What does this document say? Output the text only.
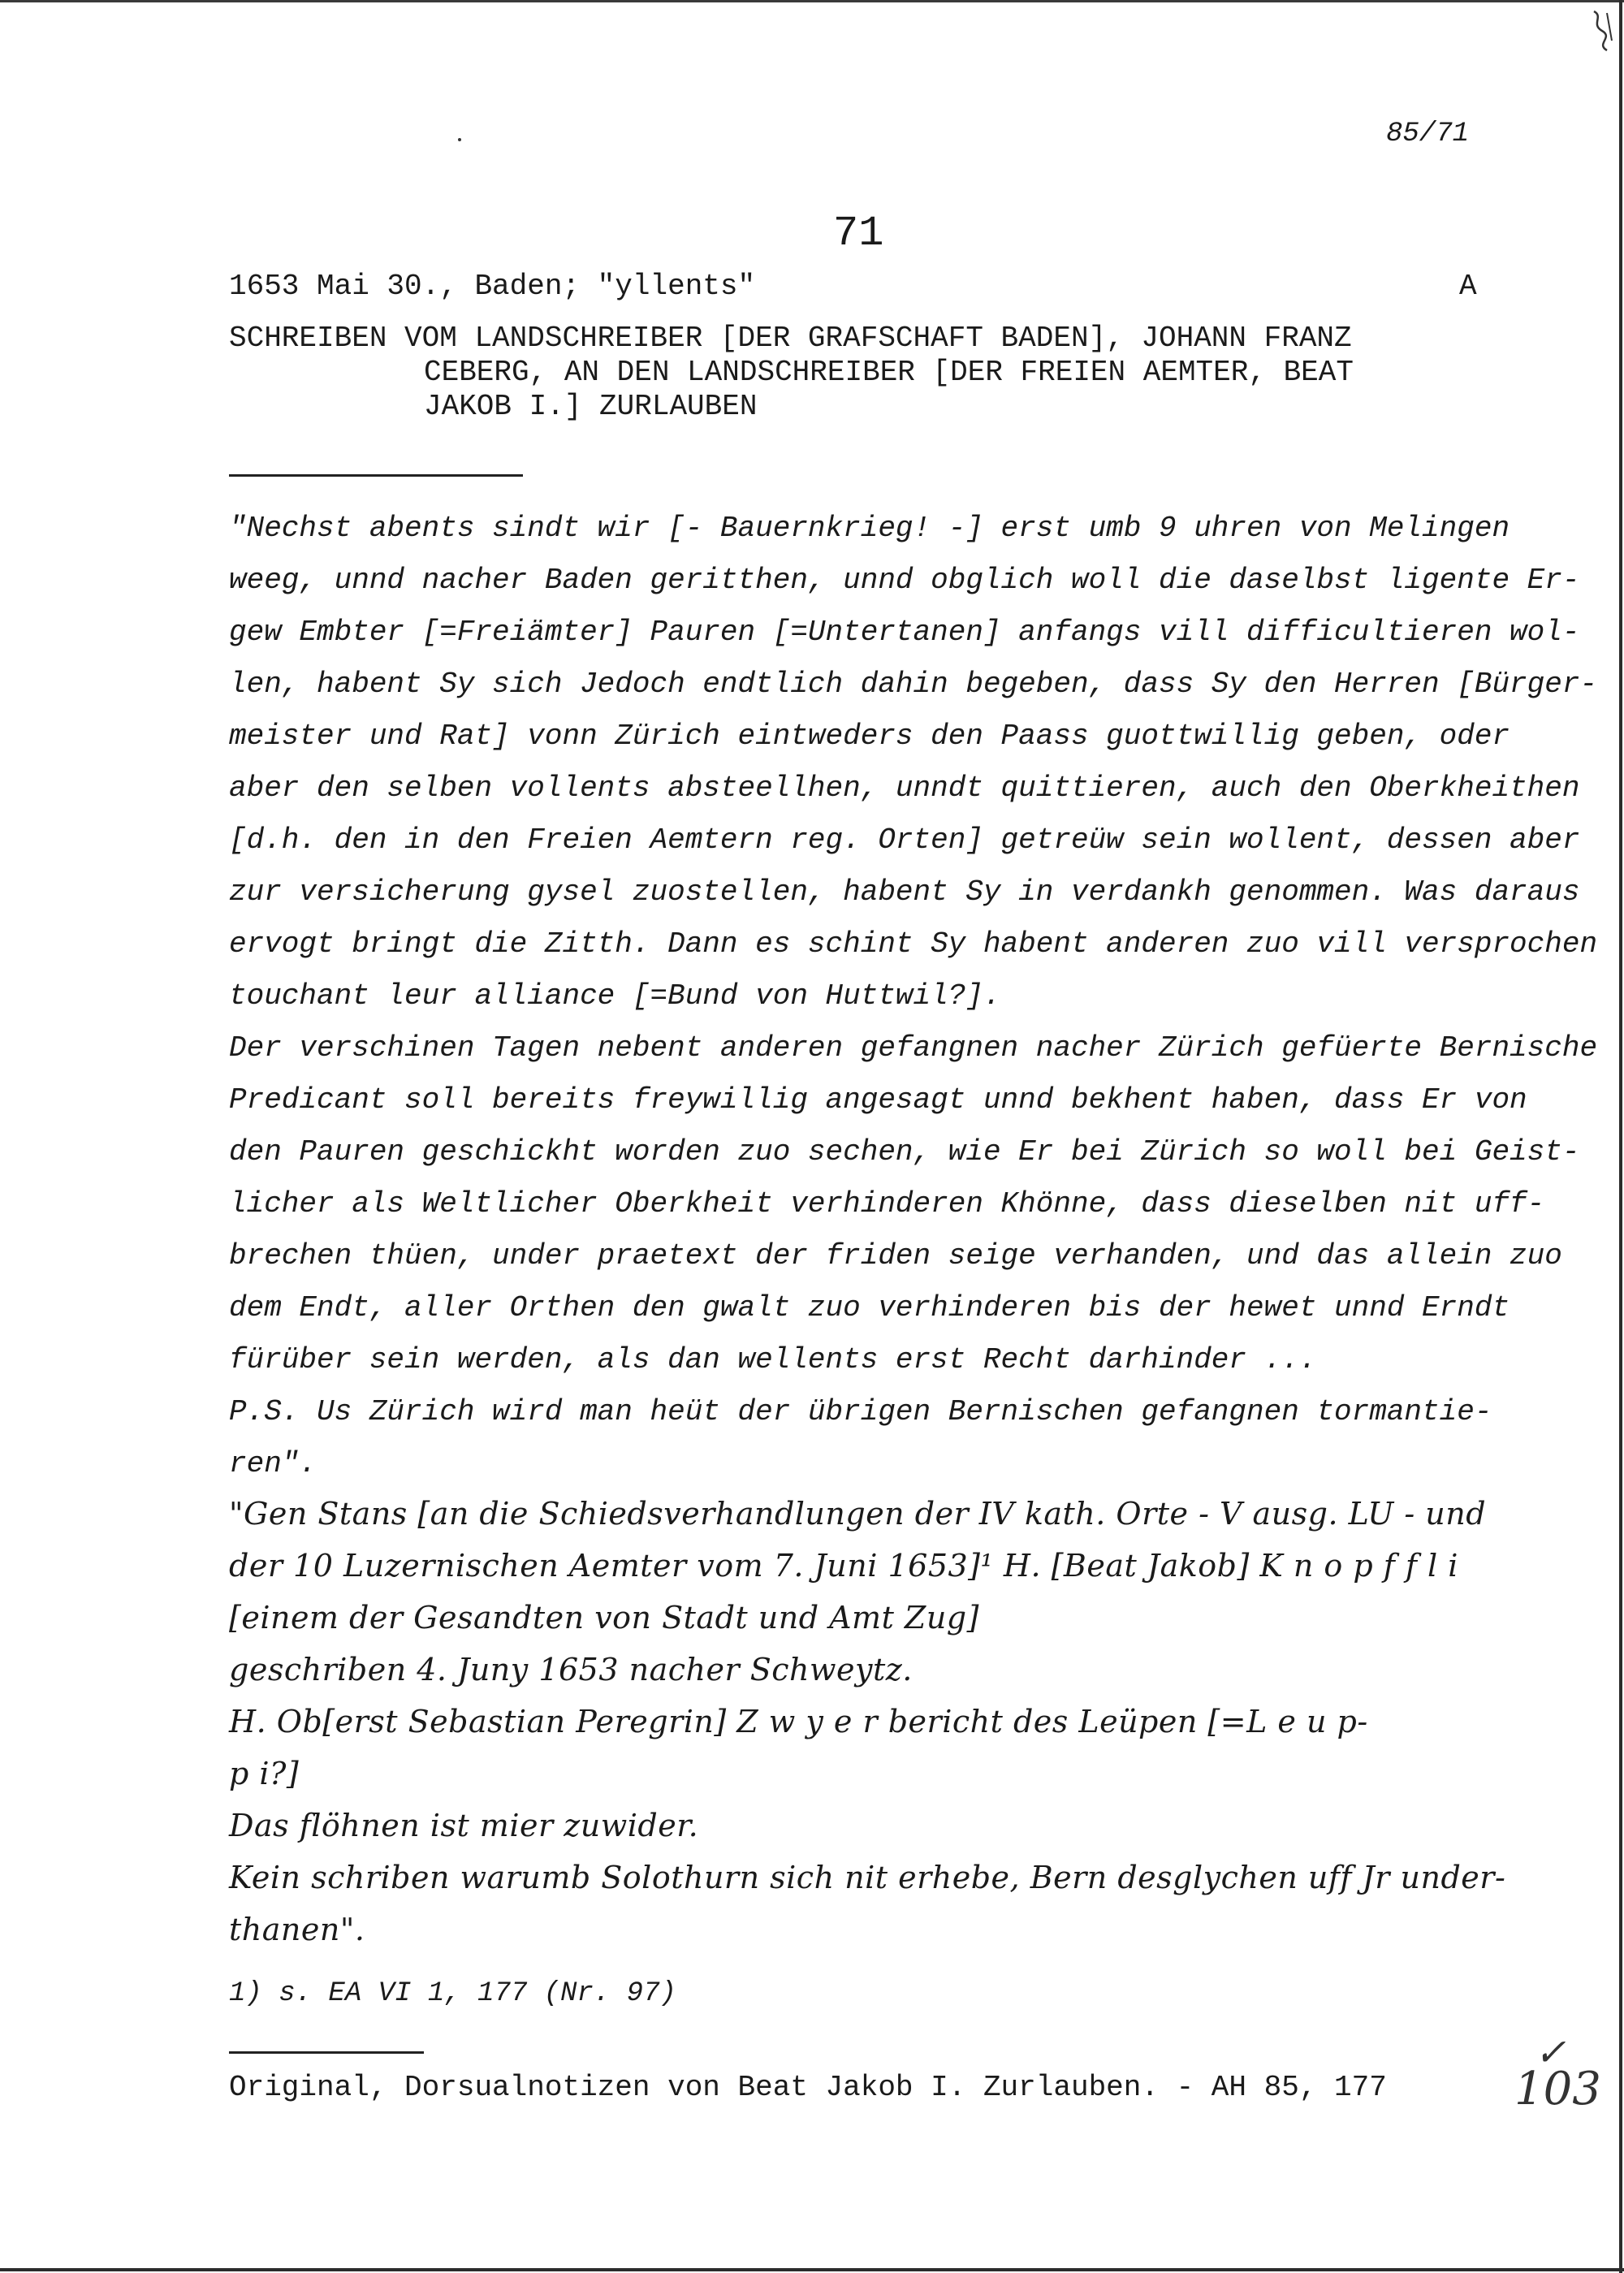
85/71
71
1653 Mai 30., Baden; "yllents"	A
SCHREIBEN VOM LANDSCHREIBER [DER GRAFSCHAFT BADEN], JOHANN FRANZ
CEBERG, AN DEN LANDSCHREIBER [DER FREIEN AEMTER, BEAT
JAKOB I.] ZURLAUBEN
"Nechst abents sindt wir [- Bauernkrieg! -] erst umb 9 uhren von Melingen
weeg, unnd nacher Baden geritthen, unnd obglich woll die daselbst ligente Er-
gew Embter [=Freiämter] Pauren [=Untertanen] anfangs vill difficultieren wol-
len, habent Sy sich Jedoch endtlich dahin begeben, dass Sy den Herren [Bürger-
meister und Rat] vonn Zürich eintweders den Paass guottwillig geben, oder
aber den selben vollents absteellhen, unndt quittieren, auch den Oberkheithen
[d.h. den in den Freien Aemtern reg. Orten] getreüw sein wollent, dessen aber
zur versicherung gysel zuostellen, habent Sy in verdankh genommen. Was daraus
ervogt bringt die Zitth. Dann es schint Sy habent anderen zuo vill versprochen
touchant leur alliance [=Bund von Huttwil?].
Der verschinen Tagen nebent anderen gefangnen nacher Zürich gefüerte Bernische
Predicant soll bereits freywillig angesagt unnd bekhent haben, dass Er von
den Pauren geschickht worden zuo sechen, wie Er bei Zürich so woll bei Geist-
licher als Weltlicher Oberkheit verhinderen Khönne, dass dieselben nit uff-
brechen thüen, under praetext der friden seige verhanden, und das allein zuo
dem Endt, aller Orthen den gwalt zuo verhinderen bis der hewet unnd Erndt
fürüber sein werden, als dan wellents erst Recht darhinder ...
P.S. Us Zürich wird man heüt der übrigen Bernischen gefangnen tormantie-
ren".
"Gen Stans [an die Schiedsverhandlungen der IV kath. Orte - V ausg. LU - und
der 10 Luzernischen Aemter vom 7. Juni 1653]¹ H. [Beat Jakob] K n o p f f l i
[einem der Gesandten von Stadt und Amt Zug]
geschriben 4. Juny 1653 nacher Schweytz.
H. Ob[erst Sebastian Peregrin] Z w y e r bericht des Leüpen [=L e u p-
p i?]
Das flöhnen ist mier zuwider.
Kein schriben warumb Solothurn sich nit erhebe, Bern desglychen uff Jr under-
thanen".
1) s. EA VI 1, 177 (Nr. 97)
Original, Dorsualnotizen von Beat Jakob I. Zurlauben. - AH 85, 177
✓
103
